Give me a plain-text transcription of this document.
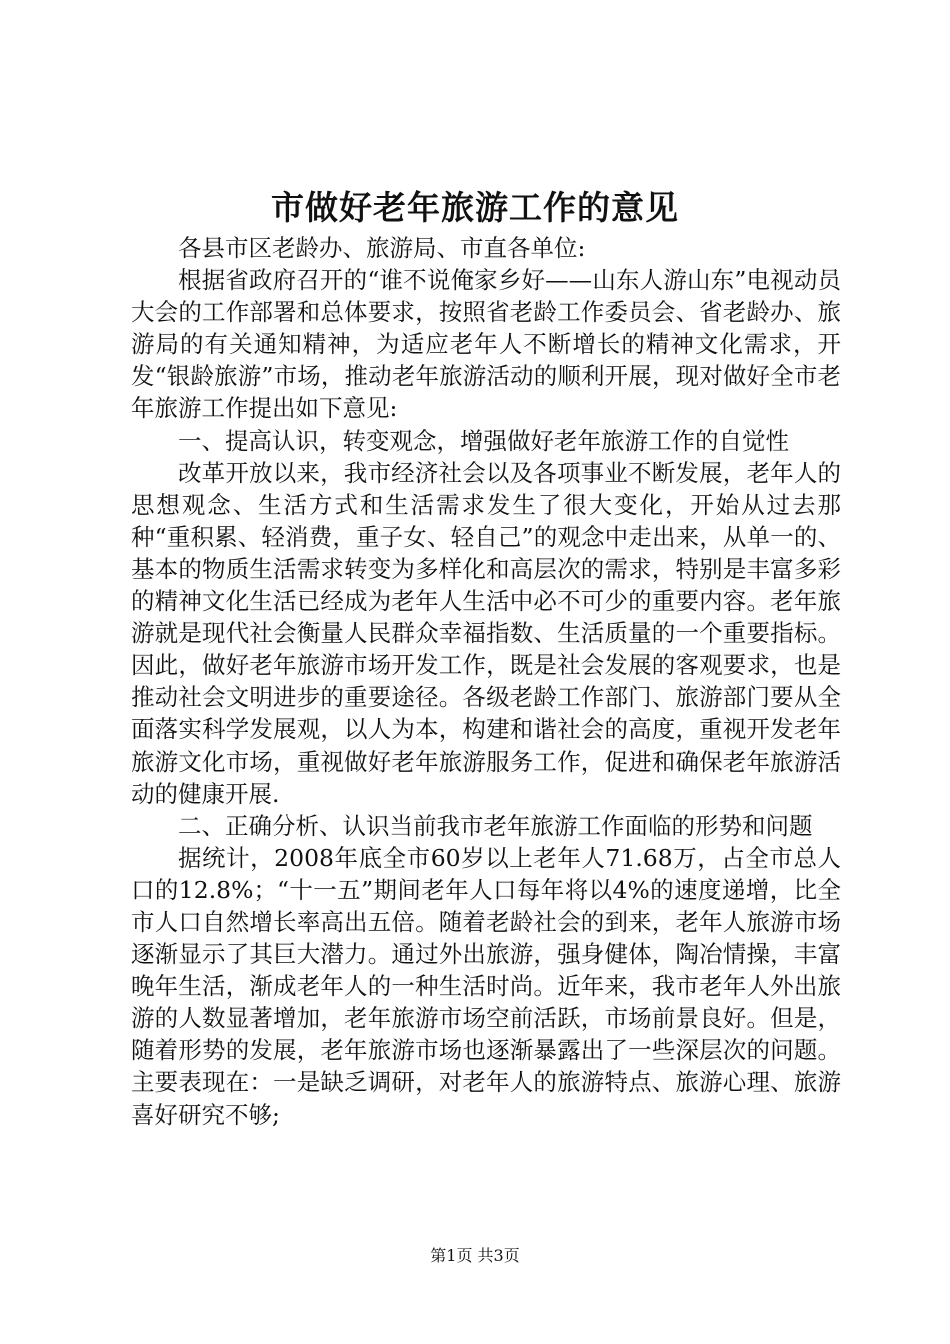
市做好老年旅游工作的意见

各县市区老龄办、旅游局、市直各单位:

根据省政府召开的“谁不说俺家乡好——山东人游山东”电视动员大会的工作部署和总体要求，按照省老龄工作委员会、省老龄办、旅游局的有关通知精神，为适应老年人不断增长的精神文化需求，开发“银龄旅游”市场，推动老年旅游活动的顺利开展，现对做好全市老年旅游工作提出如下意见:

一、提高认识，转变观念，增强做好老年旅游工作的自觉性

改革开放以来，我市经济社会以及各项事业不断发展，老年人的思想观念、生活方式和生活需求发生了很大变化，开始从过去那种“重积累、轻消费，重子女、轻自己”的观念中走出来，从单一的、基本的物质生活需求转变为多样化和高层次的需求，特别是丰富多彩的精神文化生活已经成为老年人生活中必不可少的重要内容。老年旅游就是现代社会衡量人民群众幸福指数、生活质量的一个重要指标。因此，做好老年旅游市场开发工作，既是社会发展的客观要求，也是推动社会文明进步的重要途径。各级老龄工作部门、旅游部门要从全面落实科学发展观，以人为本，构建和谐社会的高度，重视开发老年旅游文化市场，重视做好老年旅游服务工作，促进和确保老年旅游活动的健康开展.

二、正确分析、认识当前我市老年旅游工作面临的形势和问题

据统计，2008年底全市60岁以上老年人71.68万，占全市总人口的12.8%；“十一五”期间老年人口每年将以4%的速度递增，比全市人口自然增长率高出五倍。随着老龄社会的到来，老年人旅游市场逐渐显示了其巨大潜力。通过外出旅游，强身健体，陶冶情操，丰富晚年生活，渐成老年人的一种生活时尚。近年来，我市老年人外出旅游的人数显著增加，老年旅游市场空前活跃，市场前景良好。但是，随着形势的发展，老年旅游市场也逐渐暴露出了一些深层次的问题。主要表现在：一是缺乏调研，对老年人的旅游特点、旅游心理、旅游喜好研究不够;

第1页 共3页
